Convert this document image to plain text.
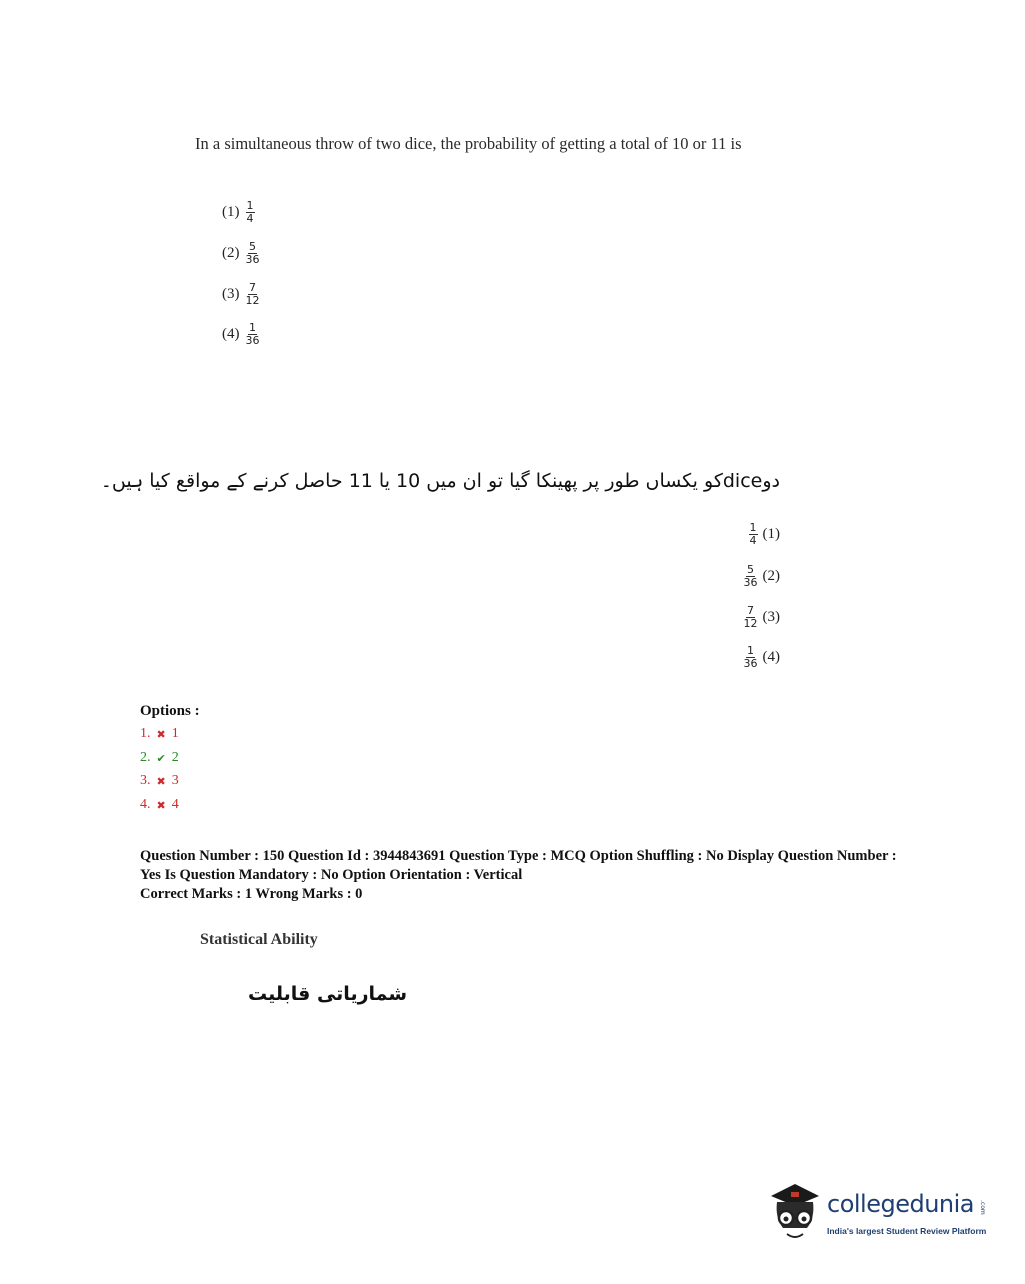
In a simultaneous throw of two dice, the probability of getting a total of 10 or 11 is
$(1) \frac{1}{4}$
$(2) \frac{5}{36}$
$(3) \frac{7}{12}$
$(4) \frac{1}{36}$
دوdiceکو یکساں طور پر پھینکا گیا تو ان میں 10 یا 11 حاصل کرنے کے مواقع کیا ہیں۔
$\frac{1}{4} (1)$
$\frac{5}{36} (2)$
$\frac{7}{12} (3)$
$\frac{1}{36} (4)$
Options :
1. ✖ 1
2. ✔ 2
3. ✖ 3
4. ✖ 4
Question Number : 150 Question Id : 3944843691 Question Type : MCQ Option Shuffling : No Display Question Number : Yes Is Question Mandatory : No Option Orientation : Vertical
Correct Marks : 1 Wrong Marks : 0
Statistical Ability
شماریاتی قابلیت
collegedunia .com
India's largest Student Review Platform
